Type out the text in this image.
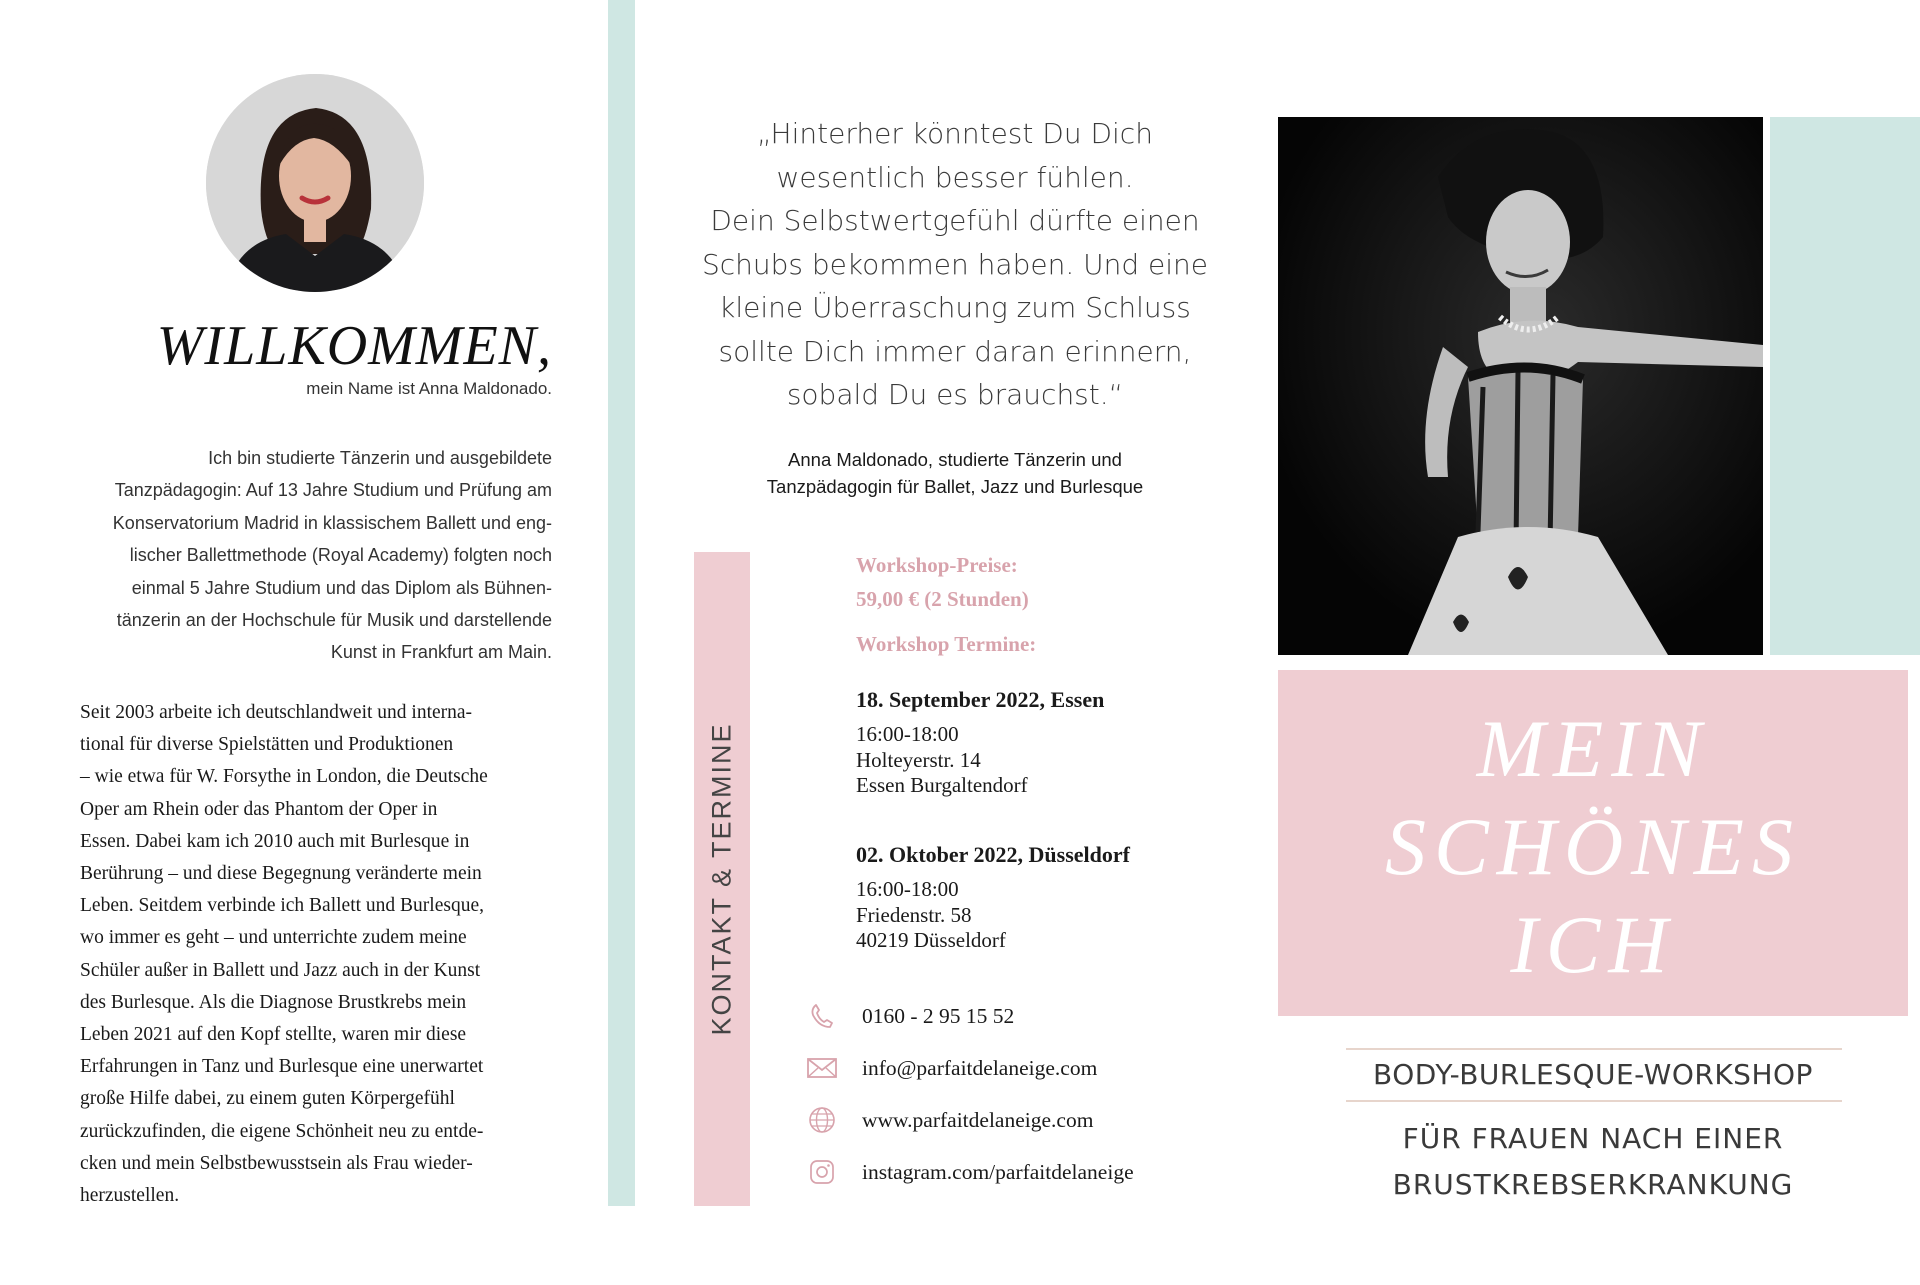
WILLKOMMEN,
mein Name ist Anna Maldonado.
Ich bin studierte Tänzerin und ausgebildete
Tanzpädagogin: Auf 13 Jahre Studium und Prüfung am
Konservatorium Madrid in klassischem Ballett und eng-
lischer Ballettmethode (Royal Academy) folgten noch
einmal 5 Jahre Studium und das Diplom als Bühnen-
tänzerin an der Hochschule für Musik und darstellende
Kunst in Frankfurt am Main.
Seit 2003 arbeite ich deutschlandweit und interna-
tional für diverse Spielstätten und Produktionen
– wie etwa für W. Forsythe in London, die Deutsche
Oper am Rhein oder das Phantom der Oper in
Essen. Dabei kam ich 2010 auch mit Burlesque in
Berührung – und diese Begegnung veränderte mein
Leben. Seitdem verbinde ich Ballett und Burlesque,
wo immer es geht – und unterrichte zudem meine
Schüler außer in Ballett und Jazz auch in der Kunst
des Burlesque. Als die Diagnose Brustkrebs mein
Leben 2021 auf den Kopf stellte, waren mir diese
Erfahrungen in Tanz und Burlesque eine unerwartet
große Hilfe dabei, zu einem guten Körpergefühl
zurückzufinden, die eigene Schönheit neu zu entde-
cken und mein Selbstbewusstsein als Frau wieder-
herzustellen.
„Hinterher könntest Du Dich
wesentlich besser fühlen.
Dein Selbstwertgefühl dürfte einen
Schubs bekommen haben. Und eine
kleine Überraschung zum Schluss
sollte Dich immer daran erinnern,
sobald Du es brauchst.“
Anna Maldonado, studierte Tänzerin und
Tanzpädagogin für Ballet, Jazz und Burlesque
KONTAKT & TERMINE
Workshop-Preise:
59,00 € (2 Stunden)
Workshop Termine:
18. September 2022, Essen
16:00-18:00
Holteyerstr. 14
Essen Burgaltendorf
02. Oktober 2022, Düsseldorf
16:00-18:00
Friedenstr. 58
40219 Düsseldorf
0160 - 2 95 15 52
info@parfaitdelaneige.com
www.parfaitdelaneige.com
instagram.com/parfaitdelaneige
MEIN
SCHÖNES
ICH
BODY-BURLESQUE-WORKSHOP
FÜR FRAUEN NACH EINER
BRUSTKREBSERKRANKUNG
